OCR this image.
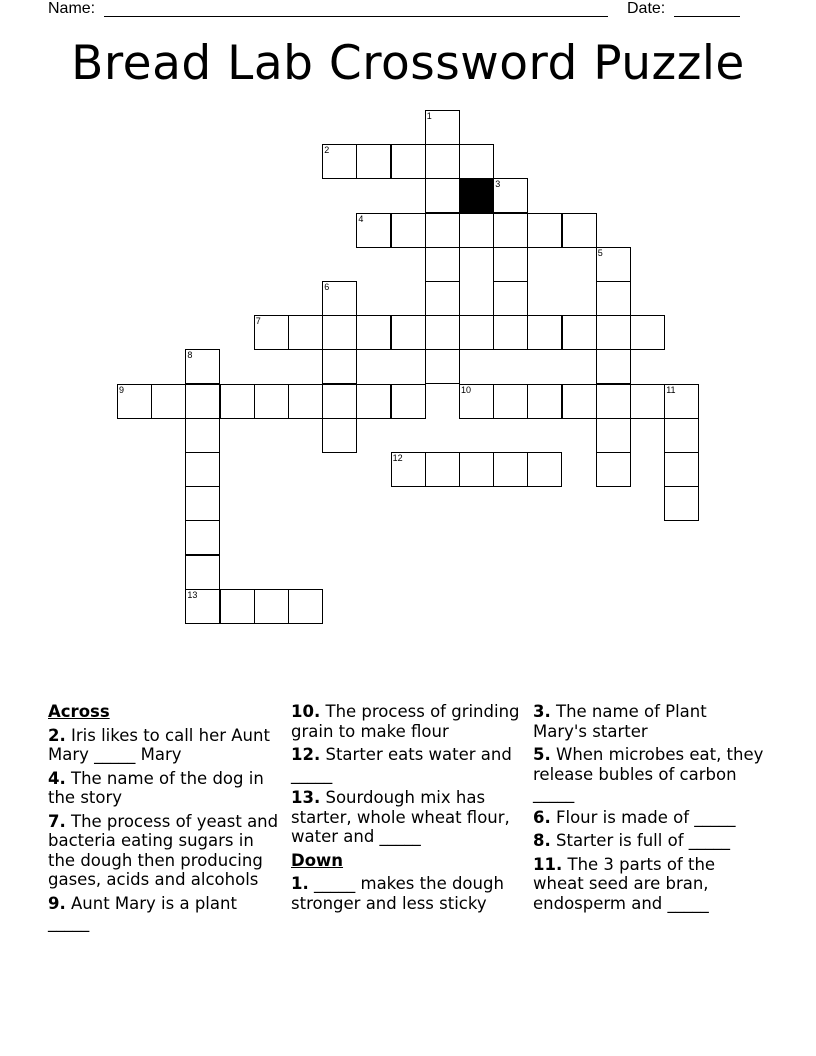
Name:	Date:
Bread Lab Crossword Puzzle
2
4
7
9	10	11
12
13
1
3
5
6
8

Across

2. Iris likes to call her Aunt Mary _____ Mary

4. The name of the dog in the story

7. The process of yeast and bacteria eating sugars in the dough then producing gases, acids and alcohols

9. Aunt Mary is a plant _____

10. The process of grinding grain to make flour

12. Starter eats water and _____

13. Sourdough mix has starter, whole wheat flour, water and _____

Down

1. _____ makes the dough stronger and less sticky

3. The name of Plant Mary's starter

5. When microbes eat, they release bubles of carbon _____

6. Flour is made of _____

8. Starter is full of _____

11. The 3 parts of the wheat seed are bran, endosperm and _____
